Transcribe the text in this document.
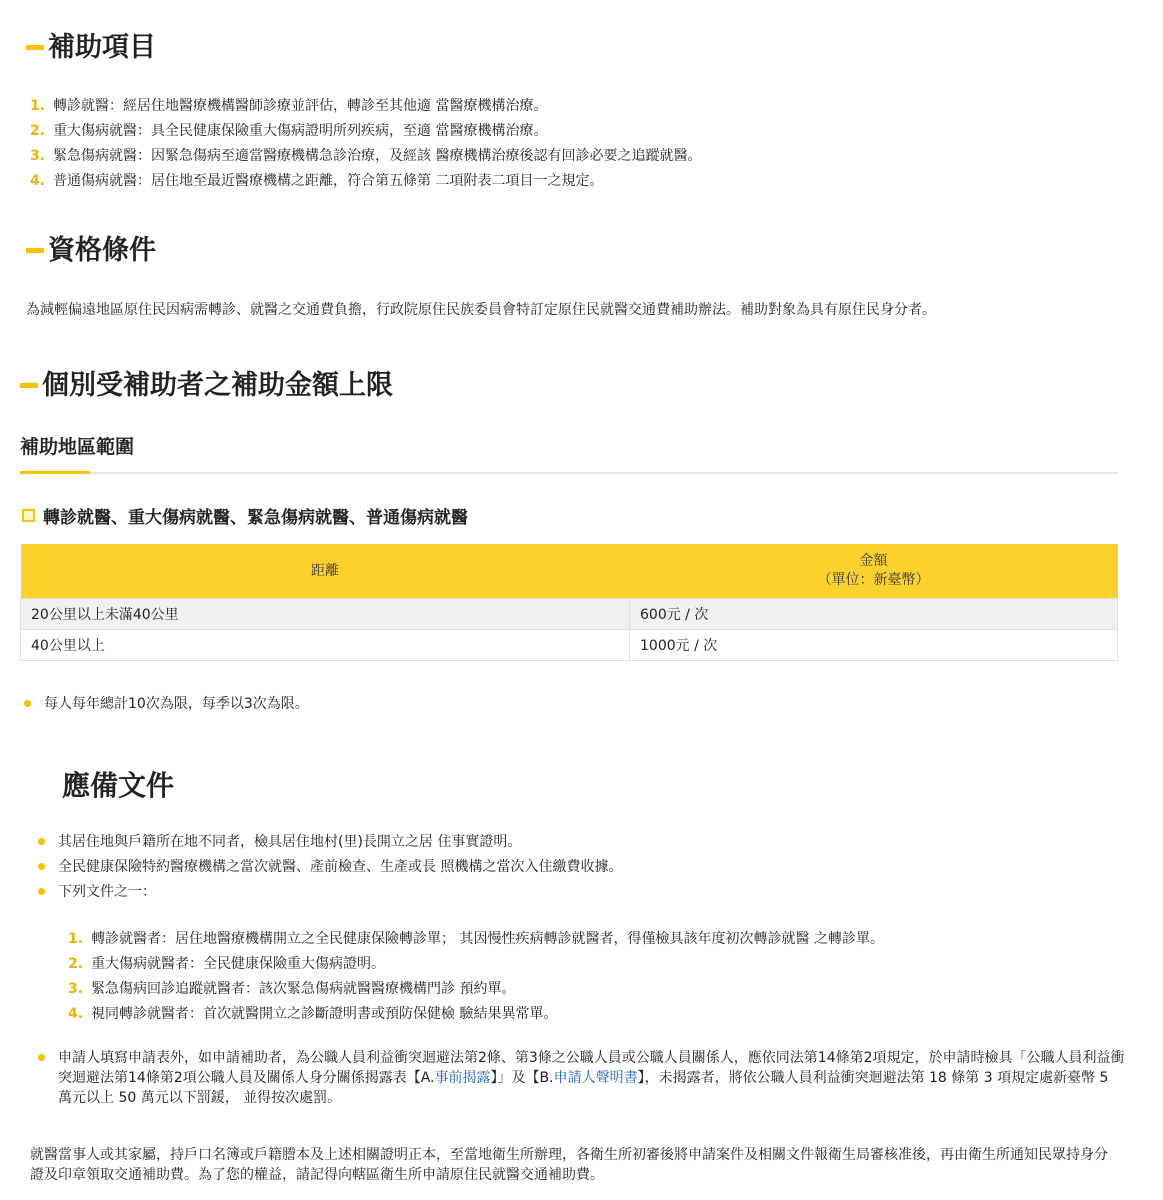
補助項目
1. 轉診就醫：經居住地醫療機構醫師診療並評估，轉診至其他適 當醫療機構治療。
2. 重大傷病就醫：具全民健康保險重大傷病證明所列疾病，至適 當醫療機構治療。
3. 緊急傷病就醫：因緊急傷病至適當醫療機構急診治療，及經該 醫療機構治療後認有回診必要之追蹤就醫。
4. 普通傷病就醫：居住地至最近醫療機構之距離，符合第五條第 二項附表二項目一之規定。
資格條件

為減輕偏遠地區原住民因病需轉診、就醫之交通費負擔，行政院原住民族委員會特訂定原住民就醫交通費補助辦法。補助對象為具有原住民身分者。

個別受補助者之補助金額上限
補助地區範圍
轉診就醫、重大傷病就醫、緊急傷病就醫、普通傷病就醫
距離	金額
（單位：新臺幣）
20公里以上未滿40公里	600元 / 次
40公里以上	1000元 / 次
每人每年總計10次為限，每季以3次為限。
應備文件
其居住地與戶籍所在地不同者，檢具居住地村(里)長開立之居 住事實證明。
全民健康保險特約醫療機構之當次就醫、產前檢查、生產或長 照機構之當次入住繳費收據。
下列文件之一：
1. 轉診就醫者：居住地醫療機構開立之全民健康保險轉診單； 其因慢性疾病轉診就醫者，得僅檢具該年度初次轉診就醫 之轉診單。
2. 重大傷病就醫者：全民健康保險重大傷病證明。
3. 緊急傷病回診追蹤就醫者：該次緊急傷病就醫醫療機構門診 預約單。
4. 視同轉診就醫者：首次就醫開立之診斷證明書或預防保健檢 驗結果異常單。
申請人填寫申請表外，如申請補助者，為公職人員利益衝突迴避法第2條、第3條之公職人員或公職人員關係人，應依同法第14條第2項規定，於申請時檢具「公職人員利益衝突迴避法第14條第2項公職人員及關係人身分關係揭露表【A.事前揭露】」及【B.申請人聲明書】，未揭露者，將依公職人員利益衝突迴避法第 18 條第 3 項規定處新臺幣 5 萬元以上 50 萬元以下罰鍰， 並得按次處罰。

就醫當事人或其家屬，持戶口名簿或戶籍謄本及上述相關證明正本，至當地衛生所辦理，各衛生所初審後將申請案件及相關文件報衛生局審核准後，再由衛生所通知民眾持身分證及印章領取交通補助費。為了您的權益，請記得向轄區衛生所申請原住民就醫交通補助費。
